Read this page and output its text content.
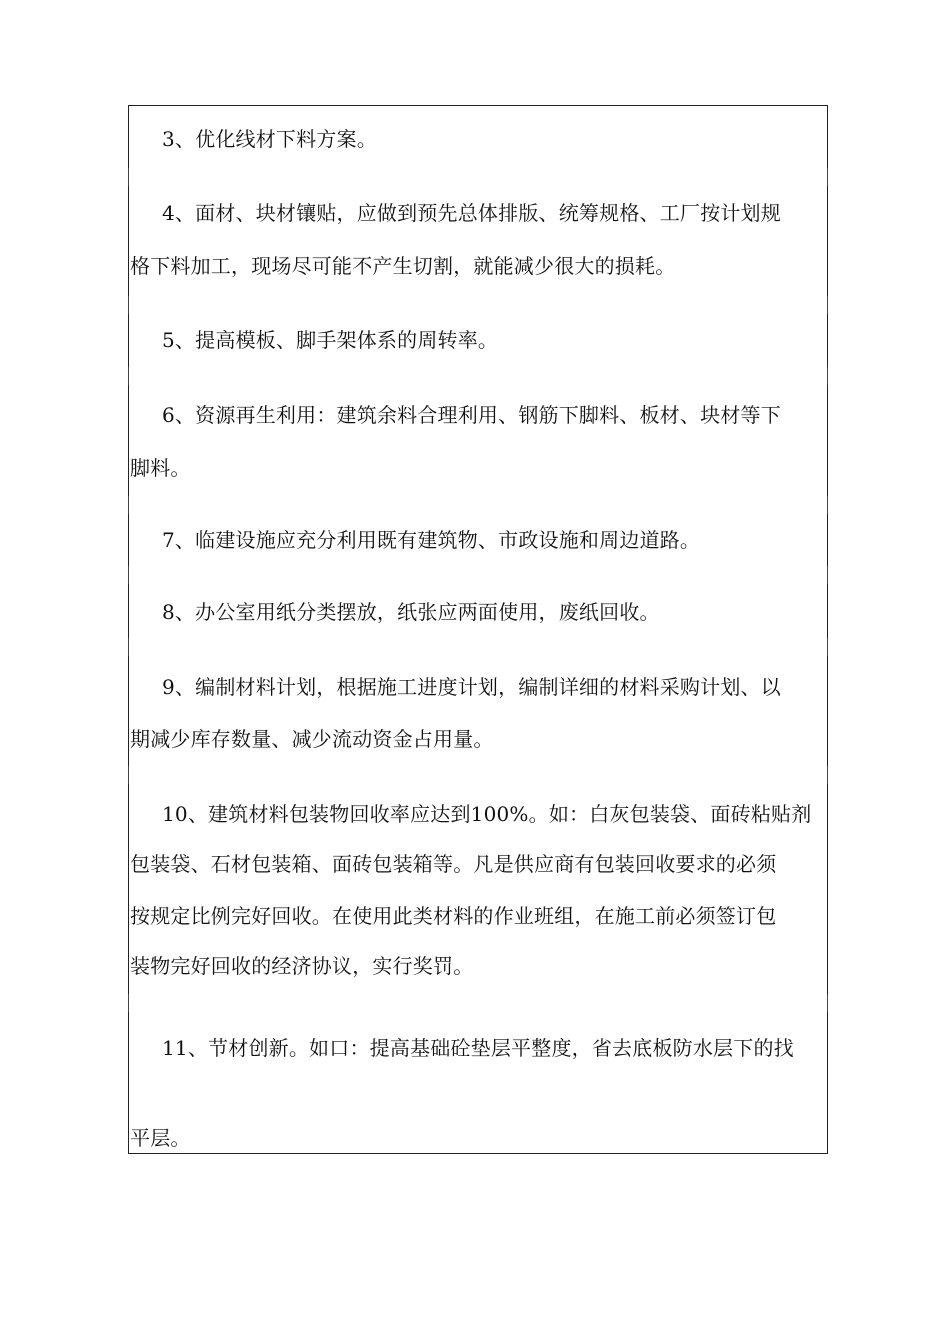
3、优化线材下料方案。
4、面材、块材镶贴，应做到预先总体排版、统筹规格、工厂按计划规
格下料加工，现场尽可能不产生切割，就能减少很大的损耗。
5、提高模板、脚手架体系的周转率。
6、资源再生利用：建筑余料合理利用、钢筋下脚料、板材、块材等下
脚料。
7、临建设施应充分利用既有建筑物、市政设施和周边道路。
8、办公室用纸分类摆放，纸张应两面使用，废纸回收。
9、编制材料计划，根据施工进度计划，编制详细的材料采购计划、以
期减少库存数量、减少流动资金占用量。
10、建筑材料包装物回收率应达到100%。如：白灰包装袋、面砖粘贴剂
包装袋、石材包装箱、面砖包装箱等。凡是供应商有包装回收要求的必须
按规定比例完好回收。在使用此类材料的作业班组，在施工前必须签订包
装物完好回收的经济协议，实行奖罚。
11、节材创新。如口：提高基础砼垫层平整度，省去底板防水层下的找
平层。
